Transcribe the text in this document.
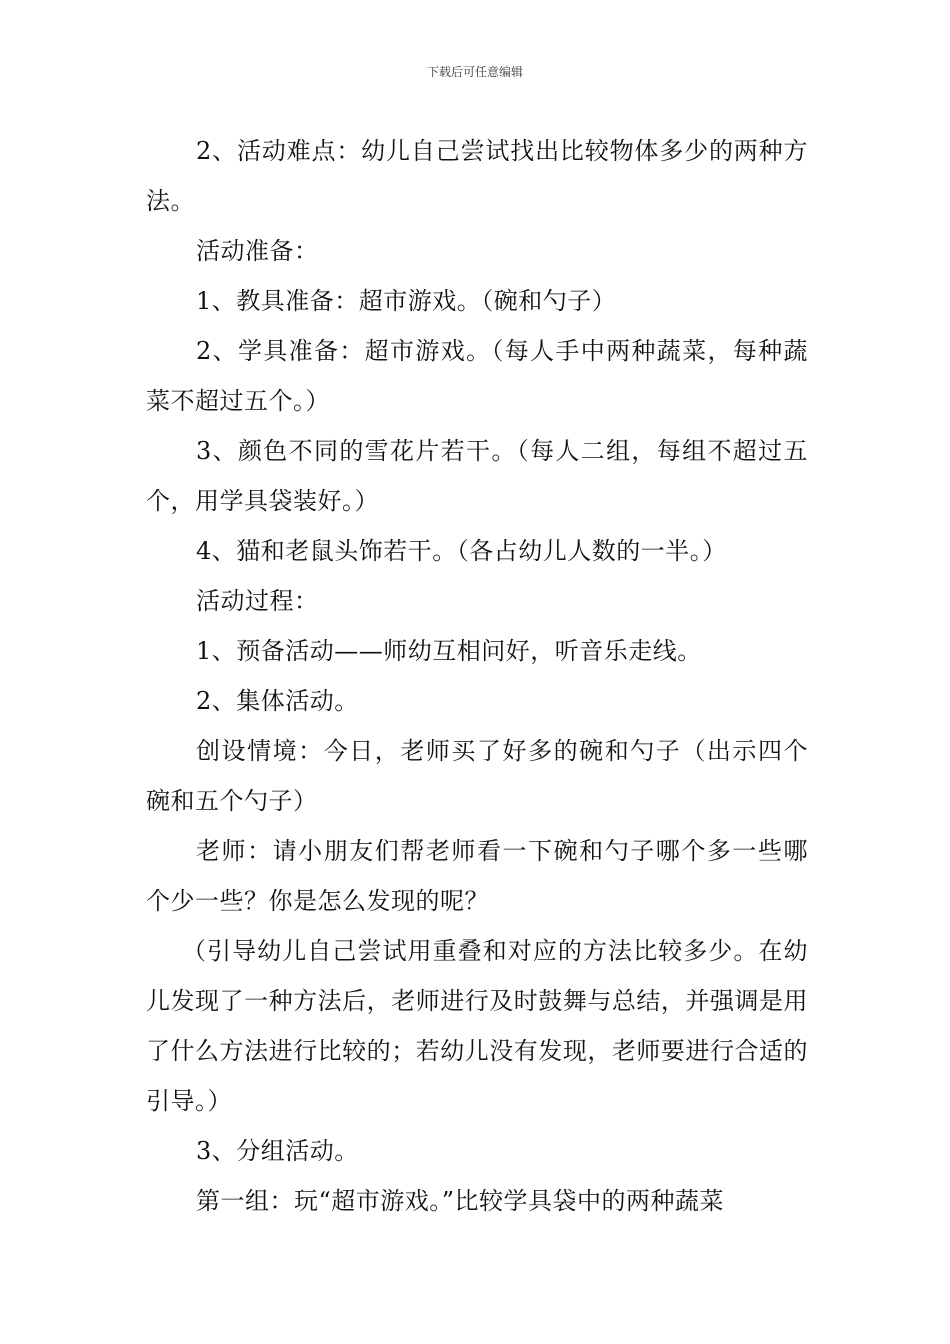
下载后可任意编辑

2、活动难点：幼儿自己尝试找出比较物体多少的两种方法。

活动准备：

1、教具准备：超市游戏。（碗和勺子）

2、学具准备：超市游戏。（每人手中两种蔬菜，每种蔬菜不超过五个。）

3、颜色不同的雪花片若干。（每人二组，每组不超过五个，用学具袋装好。）

4、猫和老鼠头饰若干。（各占幼儿人数的一半。）

活动过程：

1、预备活动——师幼互相问好，听音乐走线。

2、集体活动。

创设情境：今日，老师买了好多的碗和勺子（出示四个碗和五个勺子）

老师：请小朋友们帮老师看一下碗和勺子哪个多一些哪个少一些？你是怎么发现的呢？

（引导幼儿自己尝试用重叠和对应的方法比较多少。在幼儿发现了一种方法后，老师进行及时鼓舞与总结，并强调是用了什么方法进行比较的；若幼儿没有发现，老师要进行合适的引导。）

3、分组活动。

第一组：玩“超市游戏。”比较学具袋中的两种蔬菜
